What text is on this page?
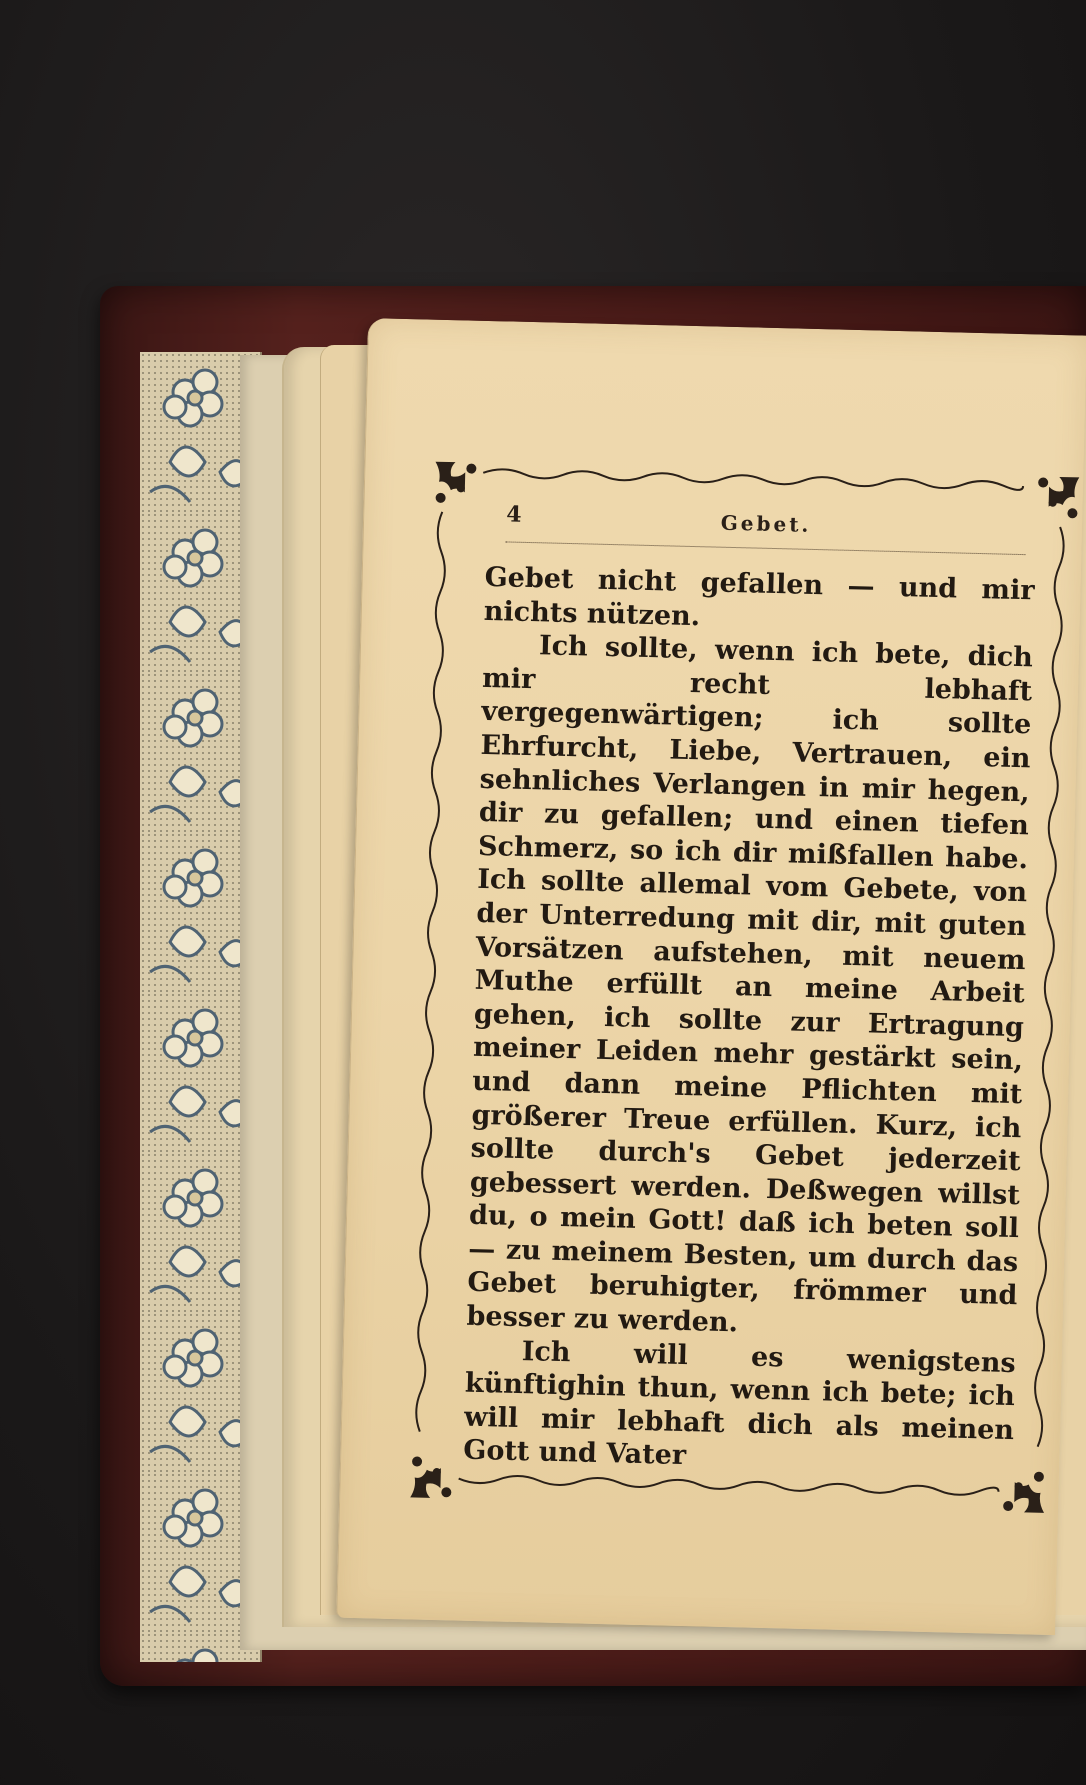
4	Gebet.

Gebet nicht gefallen — und mir nichts nützen.

Ich sollte, wenn ich bete, dich mir recht lebhaft vergegenwärtigen; ich sollte Ehrfurcht, Liebe, Vertrauen, ein sehnliches Verlangen in mir hegen, dir zu gefallen; und einen tiefen Schmerz, so ich dir mißfallen habe. Ich sollte allemal vom Gebete, von der Unterredung mit dir, mit guten Vorsätzen aufstehen, mit neuem Muthe erfüllt an meine Arbeit gehen, ich sollte zur Ertragung meiner Leiden mehr gestärkt sein, und dann meine Pflichten mit größerer Treue erfüllen. Kurz, ich sollte durch's Gebet jederzeit gebessert werden. Deßwegen willst du, o mein Gott! daß ich beten soll — zu meinem Besten, um durch das Gebet beruhigter, frömmer und besser zu werden.

Ich will es wenigstens künftighin thun, wenn ich bete; ich will mir lebhaft dich als meinen Gott und Vater
